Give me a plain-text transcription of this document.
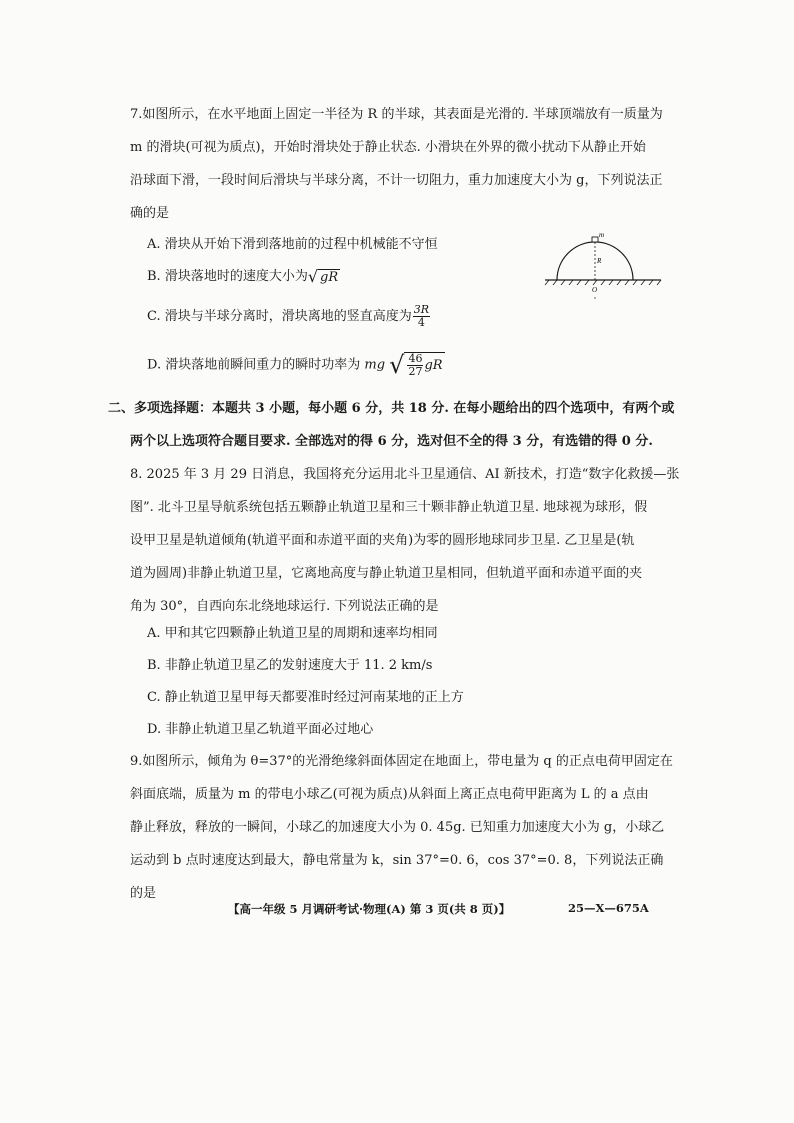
7.如图所示，在水平地面上固定一半径为 R 的半球，其表面是光滑的. 半球顶端放有一质量为

m 的滑块(可视为质点)，开始时滑块处于静止状态. 小滑块在外界的微小扰动下从静止开始

沿球面下滑，一段时间后滑块与半球分离，不计一切阻力，重力加速度大小为 g，下列说法正

确的是

A. 滑块从开始下滑到落地前的过程中机械能不守恒
B. 滑块落地时的速度大小为 √ gR
C. 滑块与半球分离时，滑块离地的竖直高度为 $\frac{3R}{4}$
D. 滑块落地前瞬间重力的瞬时功率为 mg √ $\frac{46}{27}$ gR
m
R
O

二、多项选择题：本题共 3 小题，每小题 6 分，共 18 分. 在每小题给出的四个选项中，有两个或

两个以上选项符合题目要求. 全部选对的得 6 分，选对但不全的得 3 分，有选错的得 0 分.

8. 2025 年 3 月 29 日消息，我国将充分运用北斗卫星通信、AI 新技术，打造“数字化救援—张

图”. 北斗卫星导航系统包括五颗静止轨道卫星和三十颗非静止轨道卫星. 地球视为球形，假

设甲卫星是轨道倾角(轨道平面和赤道平面的夹角)为零的圆形地球同步卫星. 乙卫星是(轨

道为圆周)非静止轨道卫星，它离地高度与静止轨道卫星相同，但轨道平面和赤道平面的夹

角为 30°，自西向东北绕地球运行. 下列说法正确的是

A. 甲和其它四颗静止轨道卫星的周期和速率均相同
B. 非静止轨道卫星乙的发射速度大于 11. 2 km/s
C. 静止轨道卫星甲每天都要准时经过河南某地的正上方
D. 非静止轨道卫星乙轨道平面必过地心

9.如图所示，倾角为 θ=37°的光滑绝缘斜面体固定在地面上，带电量为 q 的正点电荷甲固定在

斜面底端，质量为 m 的带电小球乙(可视为质点)从斜面上离正点电荷甲距离为 L 的 a 点由

静止释放，释放的一瞬间，小球乙的加速度大小为 0. 45g. 已知重力加速度大小为 g，小球乙

运动到 b 点时速度达到最大，静电常量为 k，sin 37°=0. 6，cos 37°=0. 8，下列说法正确

的是

【高一年级 5 月调研考试·物理(A) 第 3 页(共 8 页)】	25—X—675A
